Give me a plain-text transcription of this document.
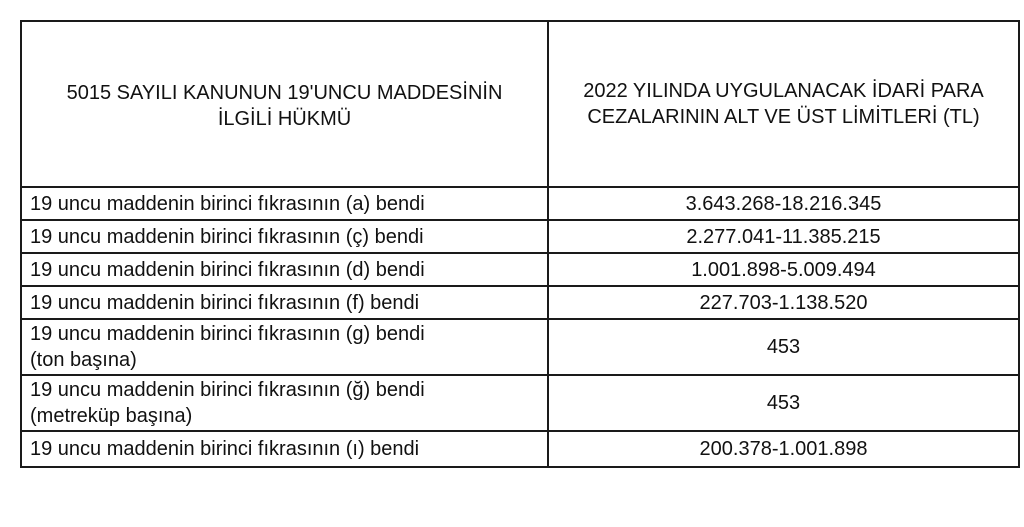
5015 SAYILI KANUNUN 19'UNCU MADDESİNİN İLGİLİ HÜKMÜ	2022 YILINDA UYGULANACAK İDARİ PARA CEZALARININ ALT VE ÜST LİMİTLERİ (TL)
19 uncu maddenin birinci fıkrasının (a) bendi	3.643.268-18.216.345
19 uncu maddenin birinci fıkrasının (ç) bendi	2.277.041-11.385.215
19 uncu maddenin birinci fıkrasının (d) bendi	1.001.898-5.009.494
19 uncu maddenin birinci fıkrasının (f) bendi	227.703-1.138.520

19 uncu maddenin birinci fıkrasının (g) bendi
(ton başına)	453

19 uncu maddenin birinci fıkrasının (ğ) bendi
(metreküp başına)	453
19 uncu maddenin birinci fıkrasının (ı) bendi	200.378-1.001.898
